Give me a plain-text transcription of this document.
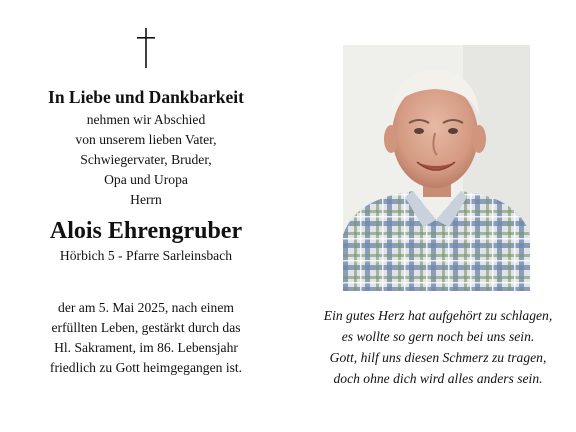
In Liebe und Dankbarkeit
nehmen wir Abschied
von unserem lieben Vater,
Schwiegervater, Bruder,
Opa und Uropa
Herrn
Alois Ehrengruber
Hörbich 5 - Pfarre Sarleinsbach
der am 5. Mai 2025, nach einem
erfüllten Leben, gestärkt durch das
Hl. Sakrament, im 86. Lebensjahr
friedlich zu Gott heimgegangen ist.
Ein gutes Herz hat aufgehört zu schlagen,
es wollte so gern noch bei uns sein.
Gott, hilf uns diesen Schmerz zu tragen,
doch ohne dich wird alles anders sein.
